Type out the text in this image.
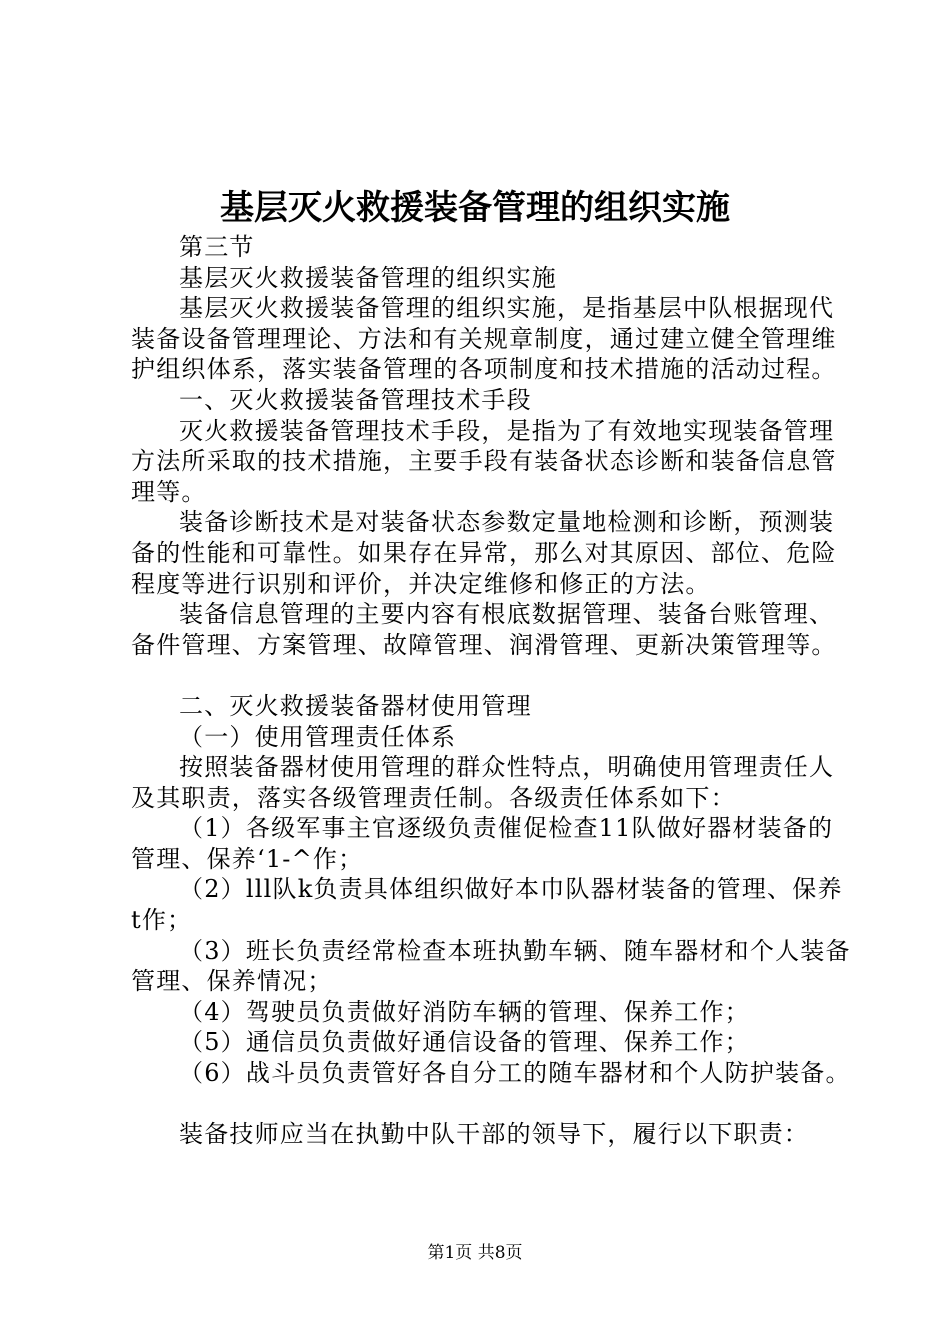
基层灭火救援装备管理的组织实施

第三节

基层灭火救援装备管理的组织实施

基层灭火救援装备管理的组织实施，是指基层中队根据现代装备设备管理理论、方法和有关规章制度，通过建立健全管理维护组织体系，落实装备管理的各项制度和技术措施的活动过程。

一、灭火救援装备管理技术手段

灭火救援装备管理技术手段，是指为了有效地实现装备管理方法所采取的技术措施，主要手段有装备状态诊断和装备信息管理等。

装备诊断技术是对装备状态参数定量地检测和诊断，预测装备的性能和可靠性。如果存在异常，那么对其原因、部位、危险程度等进行识别和评价，并决定维修和修正的方法。

装备信息管理的主要内容有根底数据管理、装备台账管理、备件管理、方案管理、故障管理、润滑管理、更新决策管理等。

二、灭火救援装备器材使用管理

（一）使用管理责任体系

按照装备器材使用管理的群众性特点，明确使用管理责任人及其职责，落实各级管理责任制。各级责任体系如下：

（1）各级军事主官逐级负责催促检查11队做好器材装备的管理、保养‘1-^作；

（2）lll队k负责具体组织做好本巾队器材装备的管理、保养t作；

（3）班长负责经常检查本班执勤车辆、随车器材和个人装备管理、保养情况；

（4）驾驶员负责做好消防车辆的管理、保养工作；

（5）通信员负责做好通信设备的管理、保养工作；

（6）战斗员负责管好各自分工的随车器材和个人防护装备。

装备技师应当在执勤中队干部的领导下，履行以下职责：

第1页 共8页
